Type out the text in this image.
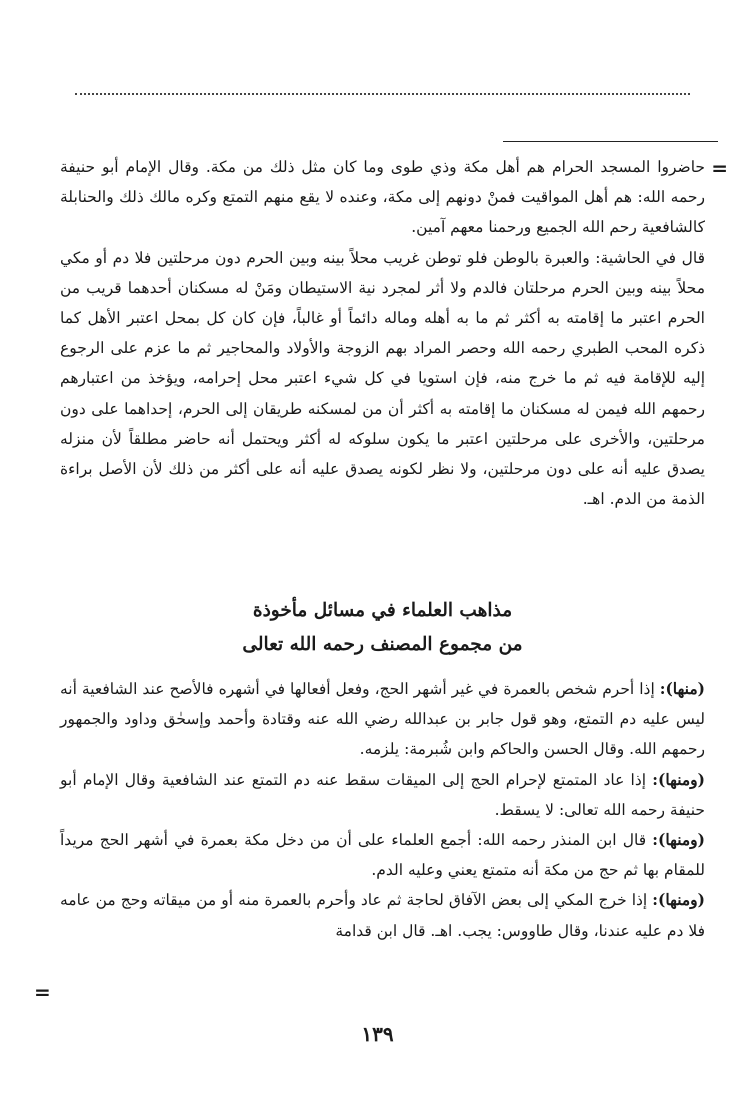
=

حاضروا المسجد الحرام هم أهل مكة وذي طوى وما كان مثل ذلك من مكة. وقال الإمام أبو حنيفة رحمه الله: هم أهل المواقيت فمنْ دونهم إلى مكة، وعنده لا يقع منهم التمتع وكره مالك ذلك والحنابلة كالشافعية رحم الله الجميع ورحمنا معهم آمين.

قال في الحاشية: والعبرة بالوطن فلو توطن غريب محلاً بينه وبين الحرم دون مرحلتين فلا دم أو مكي محلاً بينه وبين الحرم مرحلتان فالدم ولا أثر لمجرد نية الاستيطان ومَنْ له مسكنان أحدهما قريب من الحرم اعتبر ما إقامته به أكثر ثم ما به أهله وماله دائماً أو غالباً، فإن كان كل بمحل اعتبر الأهل كما ذكره المحب الطبري رحمه الله وحصر المراد بهم الزوجة والأولاد والمحاجير ثم ما عزم على الرجوع إليه للإقامة فيه ثم ما خرج منه، فإن استويا في كل شيء اعتبر محل إحرامه، ويؤخذ من اعتبارهم رحمهم الله فيمن له مسكنان ما إقامته به أكثر أن من لمسكنه طريقان إلى الحرم، إحداهما على دون مرحلتين، والأخرى على مرحلتين اعتبر ما يكون سلوكه له أكثر ويحتمل أنه حاضر مطلقاً لأن منزله يصدق عليه أنه على دون مرحلتين، ولا نظر لكونه يصدق عليه أنه على أكثر من ذلك لأن الأصل براءة الذمة من الدم. اهـ.

مذاهب العلماء في مسائل مأخوذة
من مجموع المصنف رحمه الله تعالى

(منها): إذا أحرم شخص بالعمرة في غير أشهر الحج، وفعل أفعالها في أشهره فالأصح عند الشافعية أنه ليس عليه دم التمتع، وهو قول جابر بن عبدالله رضي الله عنه وقتادة وأحمد وإسحٰق وداود والجمهور رحمهم الله. وقال الحسن والحاكم وابن شُبرمة: يلزمه.

(ومنها): إذا عاد المتمتع لإحرام الحج إلى الميقات سقط عنه دم التمتع عند الشافعية وقال الإمام أبو حنيفة رحمه الله تعالى: لا يسقط.

(ومنها): قال ابن المنذر رحمه الله: أجمع العلماء على أن من دخل مكة بعمرة في أشهر الحج مريداً للمقام بها ثم حج من مكة أنه متمتع يعني وعليه الدم.

(ومنها): إذا خرج المكي إلى بعض الآفاق لحاجة ثم عاد وأحرم بالعمرة منه أو من ميقاته وحج من عامه فلا دم عليه عندنا، وقال طاووس: يجب. اهـ. قال ابن قدامة

=
١٣٩
